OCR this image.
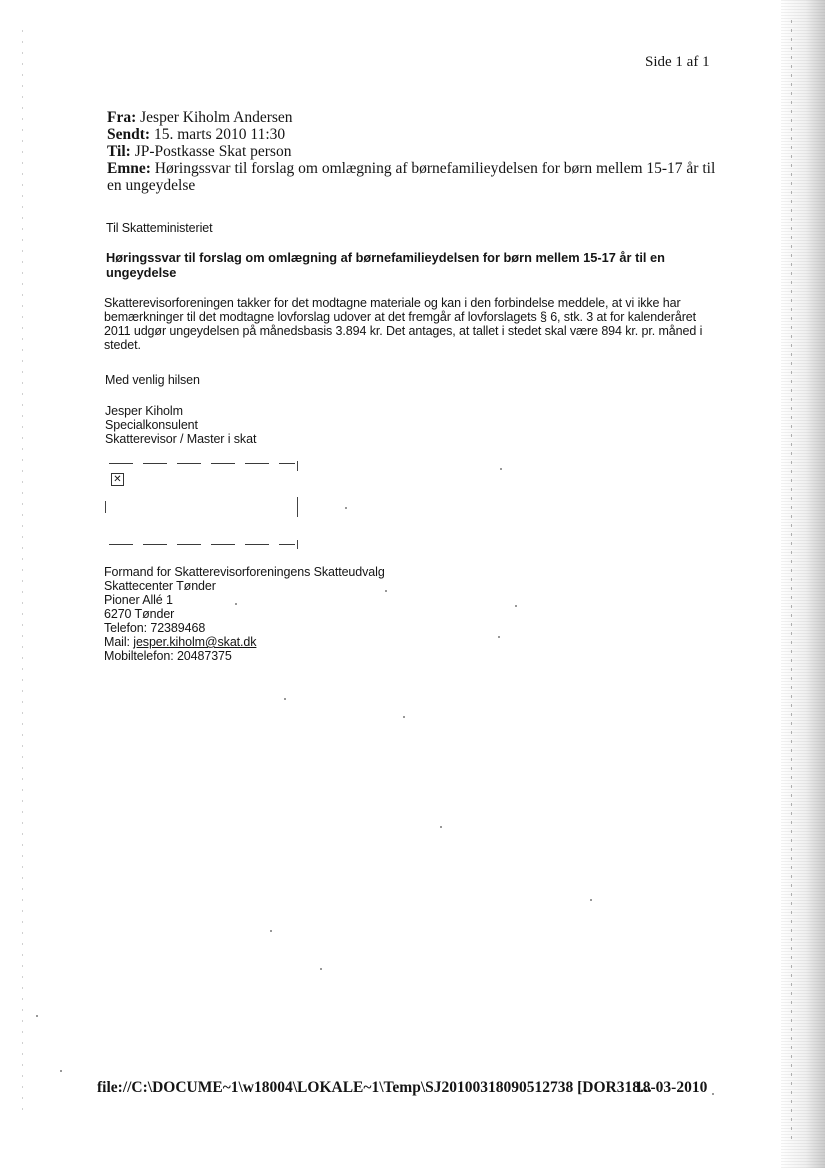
Side 1 af 1
Fra: Jesper Kiholm Andersen
Sendt: 15. marts 2010 11:30
Til: JP-Postkasse Skat person
Emne: Høringssvar til forslag om omlægning af børnefamilieydelsen for børn mellem 15-17 år til en ungeydelse
Til Skatteministeriet
Høringssvar til forslag om omlægning af børnefamilieydelsen for børn mellem 15-17 år til en ungeydelse
Skatterevisorforeningen takker for det modtagne materiale og kan i den forbindelse meddele, at vi ikke har bemærkninger til det modtagne lovforslag udover at det fremgår af lovforslagets § 6, stk. 3 at for kalenderåret 2011 udgør ungeydelsen på månedsbasis 3.894 kr. Det antages, at tallet i stedet skal være 894 kr. pr. måned i stedet.
Med venlig hilsen
Jesper Kiholm
Specialkonsulent
Skatterevisor / Master i skat
✕
Formand for Skatterevisorforeningens Skatteudvalg
Skattecenter Tønder
Pioner Allé 1
6270 Tønder
Telefon: 72389468
Mail: jesper.kiholm@skat.dk
Mobiltelefon: 20487375
file://C:\DOCUME~1\w18004\LOKALE~1\Temp\SJ20100318090512738 [DOR318...
18-03-2010
